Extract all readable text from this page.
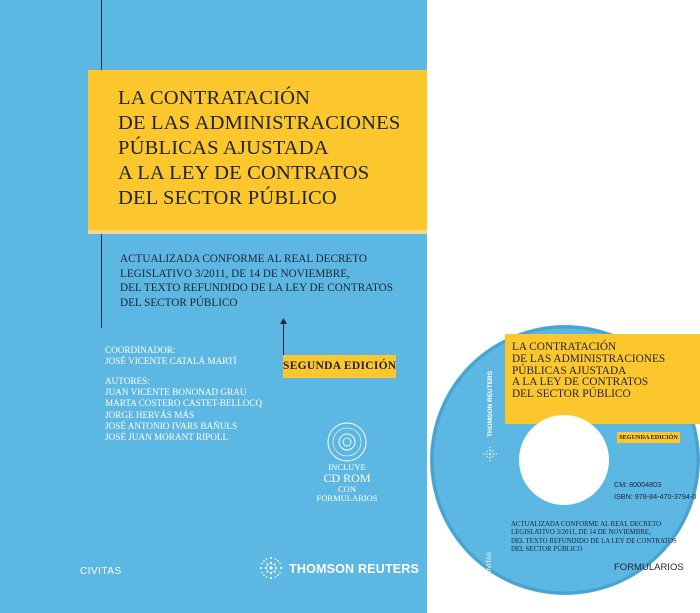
LA CONTRATACIÓN
DE LAS ADMINISTRACIONES
PÚBLICAS AJUSTADA
A LA LEY DE CONTRATOS
DEL SECTOR PÚBLICO
ACTUALIZADA CONFORME AL REAL DECRETO
LEGISLATIVO 3/2011, DE 14 DE NOVIEMBRE,
DEL TEXTO REFUNDIDO DE LA LEY DE CONTRATOS
DEL SECTOR PÚBLICO
COORDINADOR:
JOSÉ VICENTE CATALÁ MARTÍ
AUTORES:
JUAN VICENTE BONONAD GRAU
MARTA COSTERO CASTET-BELLOCQ
JORGE HERVÁS MÁS
JOSÉ ANTONIO IVARS BAÑULS
JOSÉ JUAN MORANT RIPOLL
SEGUNDA EDICIÓN
INCLUYE
CD ROM
CON
FORMULARIOS
CIVITAS	THOMSON REUTERS
LA CONTRATACIÓN
DE LAS ADMINISTRACIONES
PÚBLICAS AJUSTADA
A LA LEY DE CONTRATOS
DEL SECTOR PÚBLICO
SEGUNDA EDICIÓN
CM: 80004803
ISBN: 978-84-470-3794-0
ACTUALIZADA CONFORME AL REAL DECRETO
LEGISLATIVO 3/2011, DE 14 DE NOVIEMBRE,
DEL TEXTO REFUNDIDO DE LA LEY DE CONTRATOS
DEL SECTOR PÚBLICO
FORMULARIOS
THOMSON REUTERS
CIVITAS
